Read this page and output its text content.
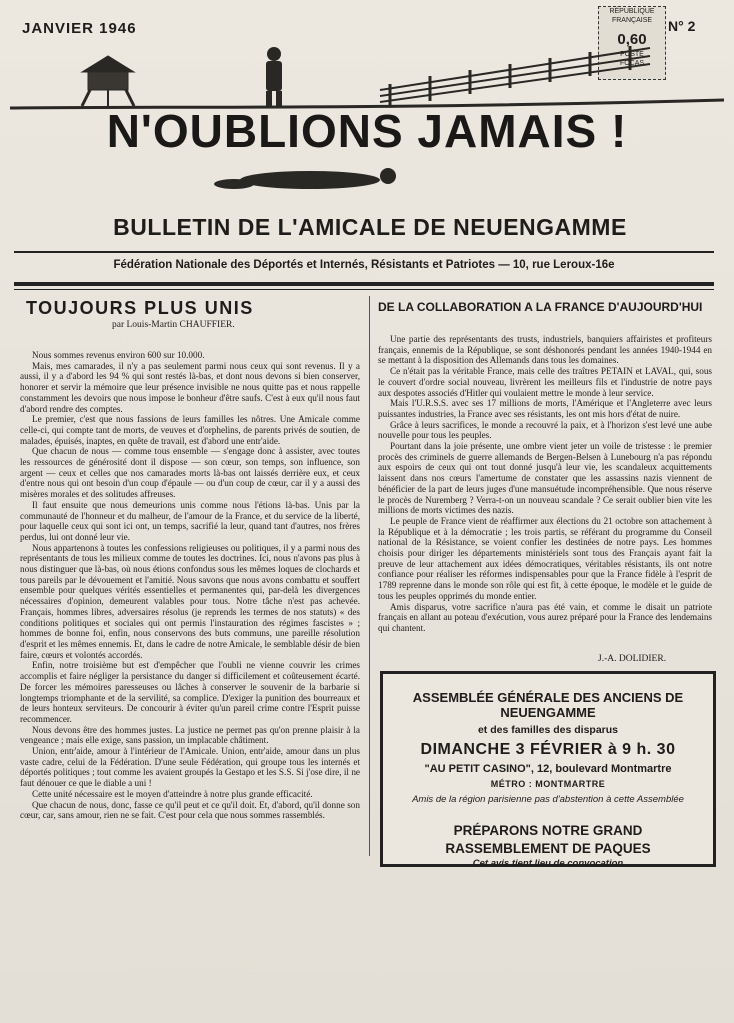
JANVIER 1946
RÉPUBLIQUE
FRANÇAISE
0,60
POSTE
FOCAS
N° 2
N'OUBLIONS JAMAIS !
BULLETIN DE L'AMICALE DE NEUENGAMME
Fédération Nationale des Déportés et Internés, Résistants et Patriotes — 10, rue Leroux-16e
TOUJOURS PLUS UNIS
par Louis-Martin CHAUFFIER.

Nous sommes revenus environ 600 sur 10.000.

Mais, mes camarades, il n'y a pas seulement parmi nous ceux qui sont revenus. Il y a aussi, il y a d'abord les 94 % qui sont restés là-bas, et dont nous devons si bien conserver, honorer et servir la mémoire que leur présence invisible ne nous quitte pas et nous rappelle constamment les devoirs que nous impose le bonheur d'être saufs. C'est à eux qu'il nous faut d'abord rendre des comptes.

Le premier, c'est que nous fassions de leurs familles les nôtres. Une Amicale comme celle-ci, qui compte tant de morts, de veuves et d'orphelins, de parents privés de soutien, de malades, épuisés, inaptes, en quête de travail, est d'abord une entr'aide.

Que chacun de nous — comme tous ensemble — s'engage donc à assister, avec toutes les ressources de générosité dont il dispose — son cœur, son temps, son influence, son argent — ceux et celles que nos camarades morts là-bas ont laissés derrière eux, et ceux d'entre nous qui ont besoin d'un coup d'épaule — ou d'un coup de cœur, car il y a aussi des misères morales et des solitudes affreuses.

Il faut ensuite que nous demeurions unis comme nous l'étions là-bas. Unis par la communauté de l'honneur et du malheur, de l'amour de la France, et du service de la liberté, pour laquelle ceux qui sont ici ont, un temps, sacrifié la leur, quand tant d'autres, nos frères perdus, lui ont donné leur vie.

Nous appartenons à toutes les confessions religieuses ou politiques, il y a parmi nous des représentants de tous les milieux comme de toutes les doctrines. Ici, nous n'avons pas plus à nous distinguer que là-bas, où nous étions confondus sous les mêmes loques de clochards et tous pareils par le dévouement et l'amitié. Nous savons que nous avons combattu et souffert ensemble pour quelques vérités essentielles et permanentes qui, par-delà les divergences nécessaires d'opinion, demeurent valables pour tous. Notre tâche n'est pas achevée. Français, hommes libres, adversaires résolus (je reprends les termes de nos statuts) « des conditions politiques et sociales qui ont permis l'instauration des régimes fascistes » ; hommes de bonne foi, enfin, nous conservons des buts communs, une pareille résolution d'esprit et les mêmes ennemis. Et, dans le cadre de notre Amicale, le semblable désir de bien faire, cœurs et volontés accordés.

Enfin, notre troisième but est d'empêcher que l'oubli ne vienne couvrir les crimes accomplis et faire négliger la persistance du danger si difficilement et coûteusement écarté. De forcer les mémoires paresseuses ou lâches à conserver le souvenir de la barbarie si longtemps triomphante et de la servilité, sa complice. D'exiger la punition des bourreaux et de leurs honteux serviteurs. De concourir à éviter qu'un pareil crime contre l'Esprit puisse recommencer.

Nous devons être des hommes justes. La justice ne permet pas qu'on prenne plaisir à la vengeance ; mais elle exige, sans passion, un implacable châtiment.

Union, entr'aide, amour à l'intérieur de l'Amicale. Union, entr'aide, amour dans un plus vaste cadre, celui de la Fédération. D'une seule Fédération, qui groupe tous les internés et déportés politiques ; tout comme les avaient groupés la Gestapo et les S.S. Si j'ose dire, il ne faut dénouer ce que le diable a uni !

Cette unité nécessaire est le moyen d'atteindre à notre plus grande efficacité.

Que chacun de nous, donc, fasse ce qu'il peut et ce qu'il doit. Et, d'abord, qu'il donne son cœur, car, sans amour, rien ne se fait. C'est pour cela que nous sommes rassemblés.

DE LA COLLABORATION A LA FRANCE D'AUJOURD'HUI

Une partie des représentants des trusts, industriels, banquiers affairistes et profiteurs français, ennemis de la République, se sont déshonorés pendant les années 1940-1944 en se mettant à la disposition des Allemands dans tous les domaines.

Ce n'était pas la véritable France, mais celle des traîtres PETAIN et LAVAL, qui, sous le couvert d'ordre social nouveau, livrèrent les meilleurs fils et l'industrie de notre pays aux despotes associés d'Hitler qui voulaient mettre le monde à leur service.

Mais l'U.R.S.S. avec ses 17 millions de morts, l'Amérique et l'Angleterre avec leurs puissantes industries, la France avec ses résistants, les ont mis hors d'état de nuire.

Grâce à leurs sacrifices, le monde a recouvré la paix, et à l'horizon s'est levé une aube nouvelle pour tous les peuples.

Pourtant dans la joie présente, une ombre vient jeter un voile de tristesse : le premier procès des criminels de guerre allemands de Bergen-Belsen à Lunebourg n'a pas répondu aux espoirs de ceux qui ont tout donné jusqu'à leur vie, les scandaleux acquittements laissent dans nos cœurs l'amertume de constater que les assassins nazis viennent de bénéficier de la part de leurs juges d'une mansuétude incompréhensible. Que nous réserve le procès de Nuremberg ? Verra-t-on un nouveau scandale ? Ce serait oublier bien vite les millions de morts victimes des nazis.

Le peuple de France vient de réaffirmer aux élections du 21 octobre son attachement à la République et à la démocratie ; les trois partis, se référant du programme du Conseil national de la Résistance, se voient confier les destinées de notre pays. Les hommes choisis pour diriger les départements ministériels sont tous des Français ayant fait la preuve de leur attachement aux idées démocratiques, véritables résistants, ils ont notre confiance pour réaliser les réformes indispensables pour que la France fidèle à l'esprit de 1789 reprenne dans le monde son rôle qui est fit, à cette époque, le modèle et le guide de tous les peuples opprimés du monde entier.

Amis disparus, votre sacrifice n'aura pas été vain, et comme le disait un patriote français en allant au poteau d'exécution, vous aurez préparé pour la France des lendemains qui chantent.

J.-A. DOLIDIER.
ASSEMBLÉE GÉNÉRALE DES ANCIENS DE NEUENGAMME
et des familles des disparus
DIMANCHE 3 FÉVRIER à 9 h. 30
"AU PETIT CASINO", 12, boulevard Montmartre
MÉTRO : MONTMARTRE
Amis de la région parisienne pas d'abstention à cette Assemblée
PRÉPARONS NOTRE GRAND
RASSEMBLEMENT DE PAQUES
Cet avis tient lieu de convocation
